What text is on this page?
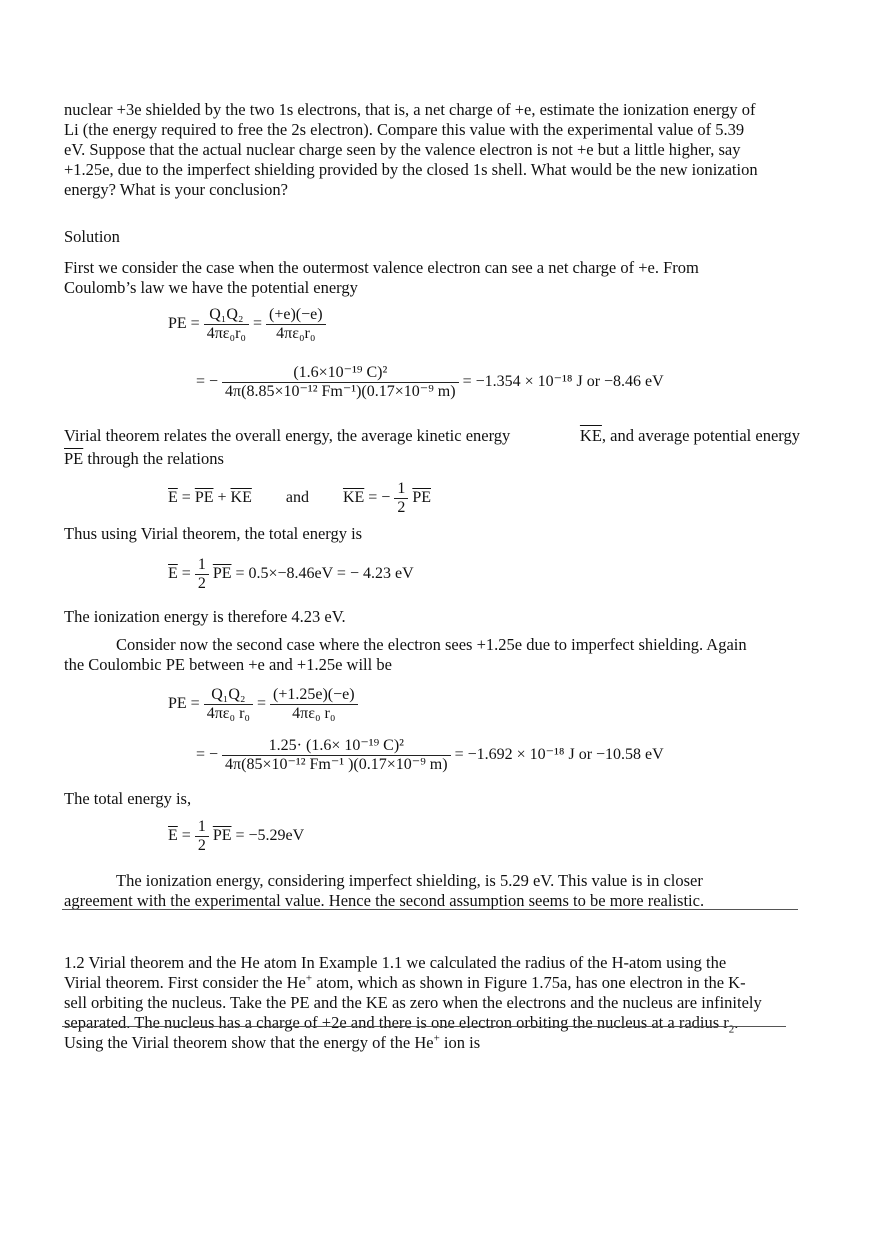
nuclear +3e shielded by the two 1s electrons, that is, a net charge of +e, estimate the ionization energy of
Li (the energy required to free the 2s electron). Compare this value with the experimental value of 5.39
eV. Suppose that the actual nuclear charge seen by the valence electron is not +e but a little higher, say
+1.25e, due to the imperfect shielding provided by the closed 1s shell. What would be the new ionization
energy? What is your conclusion?
Solution
First we consider the case when the outermost valence electron can see a net charge of +e. From
Coulomb’s law we have the potential energy
PE = $\frac{\text{Q₁Q₂}}{\text{4πε₀r₀}} = \frac{(+e)(-e)}{\text{4πε₀r₀}}$
= − $\frac{\text{(1.6×10⁻¹⁹ C)²}}{\text{4π(8.85×10⁻¹² Fm⁻¹)(0.17×10⁻⁹ m)}} = -1.354 \times 10^{-18}$ J or −8.46 eV
Virial theorem relates the overall energy, the average kinetic energy	$\overline{KE}$, and average potential energy
$\overline{PE}$ through the relations
$\overline{E} = \overline{PE} + \overline{KE}$ and $\overline{KE}$ = − $\frac{1}{2} \overline{PE}$
Thus using Virial theorem, the total energy is
$\overline{E} = \frac{1}{2} \overline{PE} = 0.5\times-8.46eV$ = − 4.23 eV
The ionization energy is therefore 4.23 eV.
Consider now the second case where the electron sees +1.25e due to imperfect shielding. Again
the Coulombic PE between +e and +1.25e will be
PE = $\frac{\text{Q₁Q₂}}{\text{4πε₀ r₀}} = \frac{(+1.25e)(-e)}{\text{4πε₀ r₀}}$
= − $\frac{\text{1.25· (1.6× 10⁻¹⁹ C)²}}{\text{4π(85×10⁻¹² Fm⁻¹ )(0.17×10⁻⁹ m)}} = -1.692 \times 10^{-18}$ J or −10.58 eV
The total energy is,
$\overline{E} = \frac{1}{2} \overline{PE} = -5.29eV$
The ionization energy, considering imperfect shielding, is 5.29 eV. This value is in closer
agreement with the experimental value. Hence the second assumption seems to be more realistic.
1.2 Virial theorem and the He atom In Example 1.1 we calculated the radius of the H-atom using the
Virial theorem. First consider the He+ atom, which as shown in Figure 1.75a, has one electron in the K-
sell orbiting the nucleus. Take the PE and the KE as zero when the electrons and the nucleus are infinitely
separated. The nucleus has a charge of +2e and there is one electron orbiting the nucleus at a radius $r_2$.
Using the Virial theorem show that the energy of the He+ ion is
